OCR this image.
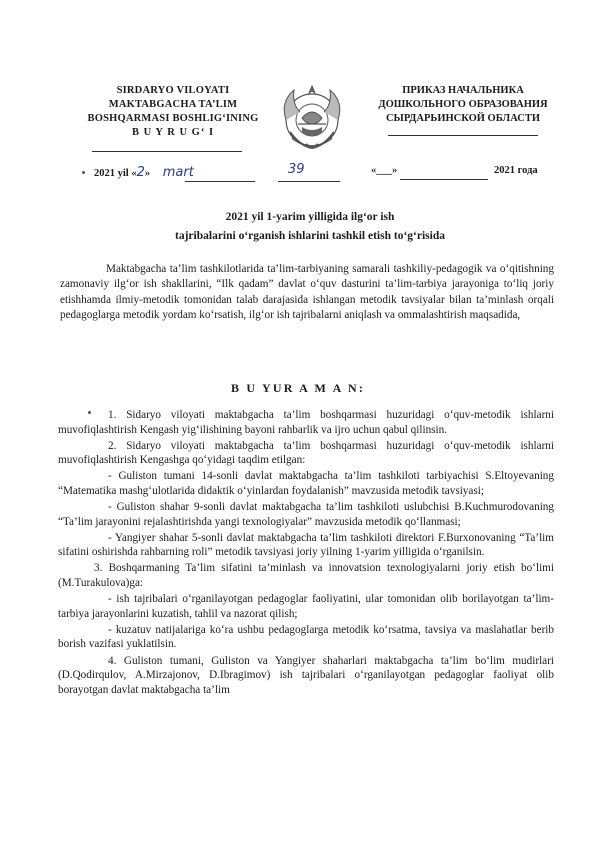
SIRDARYO VILOYATI
MAKTABGACHA TA’LIM
BOSHQARMASI BOSHLIG‘INING
B U Y R U G‘ I
ПРИКАЗ НАЧАЛЬНИКА
ДОШКОЛЬНОГО ОБРАЗОВАНИЯ
СЫРДАРЬИНСКОЙ ОБЛАСТИ
2021 yil «2» mart	39	«___»	2021 года
2021 yil 1-yarim yilligida ilg‘or ish
tajribalarini o‘rganish ishlarini tashkil etish to‘g‘risida
Maktabgacha ta’lim tashkilotlarida ta’lim-tarbiyaning samarali tashkiliy-pedagogik va o‘qitishning zamonaviy ilg‘or ish shakllarini, “Ilk qadam” davlat o‘quv dasturini ta’lim-tarbiya jarayoniga to‘liq joriy etishhamda ilmiy-metodik tomonidan talab darajasida ishlangan metodik tavsiyalar bilan ta’minlash orqali pedagoglarga metodik yordam ko‘rsatish, ilg‘or ish tajribalarni aniqlash va ommalashtirish maqsadida,
B U YUR A M A N:

1. Sidaryo viloyati maktabgacha ta’lim boshqarmasi huzuridagi o‘quv-metodik ishlarni muvofiqlashtirish Kengash yig‘ilishining bayoni rahbarlik va ijro uchun qabul qilinsin.

2. Sidaryo viloyati maktabgacha ta’lim boshqarmasi huzuridagi o‘quv-metodik ishlarni muvofiqlashtirish Kengashga qo‘yidagi taqdim etilgan:

- Guliston tumani 14-sonli davlat maktabgacha ta’lim tashkiloti tarbiyachisi S.Eltoyevaning “Matematika mashg‘ulotlarida didaktik o‘yinlardan foydalanish” mavzusida metodik tavsiyasi;

- Guliston shahar 9-sonli davlat maktabgacha ta’lim tashkiloti uslubchisi B.Kuchmurodovaning “Ta’lim jarayonini rejalashtirishda yangi texnologiyalar” mavzusida metodik qo‘llanmasi;

- Yangiyer shahar 5-sonli davlat maktabgacha ta’lim tashkiloti direktori F.Burxonovaning “Ta’lim sifatini oshirishda rahbarning roli” metodik tavsiyasi joriy yilning 1-yarim yilligida o‘rganilsin.

3. Boshqarmaning Ta’lim sifatini ta’minlash va innovatsion texnologiyalarni joriy etish bo‘limi (M.Turakulova)ga:

- ish tajribalari o‘rganilayotgan pedagoglar faoliyatini, ular tomonidan olib borilayotgan ta’lim-tarbiya jarayonlarini kuzatish, tahlil va nazorat qilish;

- kuzatuv natijalariga ko‘ra ushbu pedagoglarga metodik ko‘rsatma, tavsiya va maslahatlar berib borish vazifasi yuklatilsin.

4. Guliston tumani, Guliston va Yangiyer shaharlari maktabgacha ta’lim bo‘lim mudirlari (D.Qodirqulov, A.Mirzajonov, D.Ibragimov) ish tajribalari o‘rganilayotgan pedagoglar faoliyat olib borayotgan davlat maktabgacha ta’lim
